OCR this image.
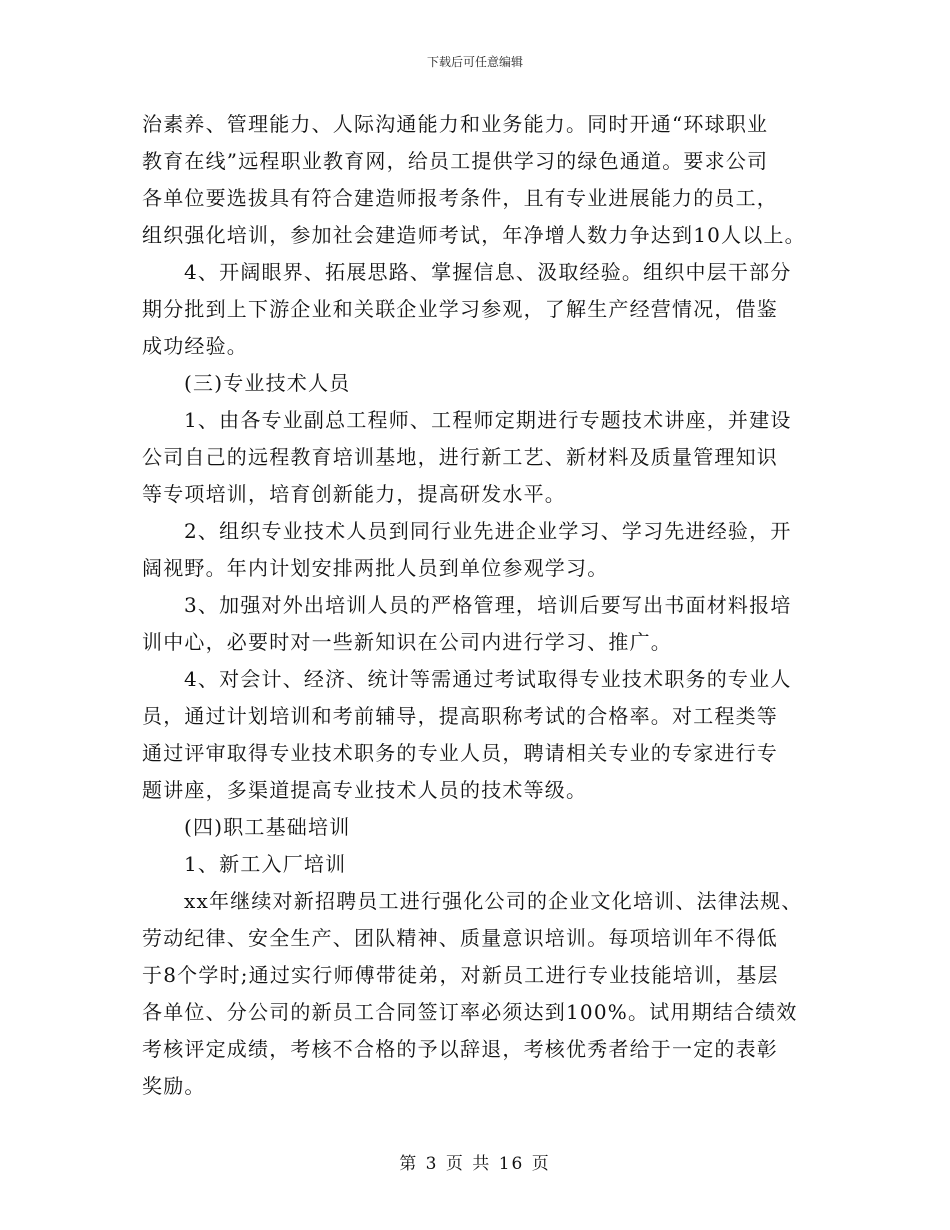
下载后可任意编辑

治素养、管理能力、人际沟通能力和业务能力。同时开通“环球职业

教育在线”远程职业教育网，给员工提供学习的绿色通道。要求公司

各单位要选拔具有符合建造师报考条件，且有专业进展能力的员工，

组织强化培训，参加社会建造师考试，年净增人数力争达到10人以上。

4、开阔眼界、拓展思路、掌握信息、汲取经验。组织中层干部分

期分批到上下游企业和关联企业学习参观，了解生产经营情况，借鉴

成功经验。

(三)专业技术人员

1、由各专业副总工程师、工程师定期进行专题技术讲座，并建设

公司自己的远程教育培训基地，进行新工艺、新材料及质量管理知识

等专项培训，培育创新能力，提高研发水平。

2、组织专业技术人员到同行业先进企业学习、学习先进经验，开

阔视野。年内计划安排两批人员到单位参观学习。

3、加强对外出培训人员的严格管理，培训后要写出书面材料报培

训中心，必要时对一些新知识在公司内进行学习、推广。

4、对会计、经济、统计等需通过考试取得专业技术职务的专业人

员，通过计划培训和考前辅导，提高职称考试的合格率。对工程类等

通过评审取得专业技术职务的专业人员，聘请相关专业的专家进行专

题讲座，多渠道提高专业技术人员的技术等级。

(四)职工基础培训

1、新工入厂培训

xx年继续对新招聘员工进行强化公司的企业文化培训、法律法规、

劳动纪律、安全生产、团队精神、质量意识培训。每项培训年不得低

于8个学时;通过实行师傅带徒弟，对新员工进行专业技能培训，基层

各单位、分公司的新员工合同签订率必须达到100%。试用期结合绩效

考核评定成绩，考核不合格的予以辞退，考核优秀者给于一定的表彰

奖励。

第 3 页 共 16 页
